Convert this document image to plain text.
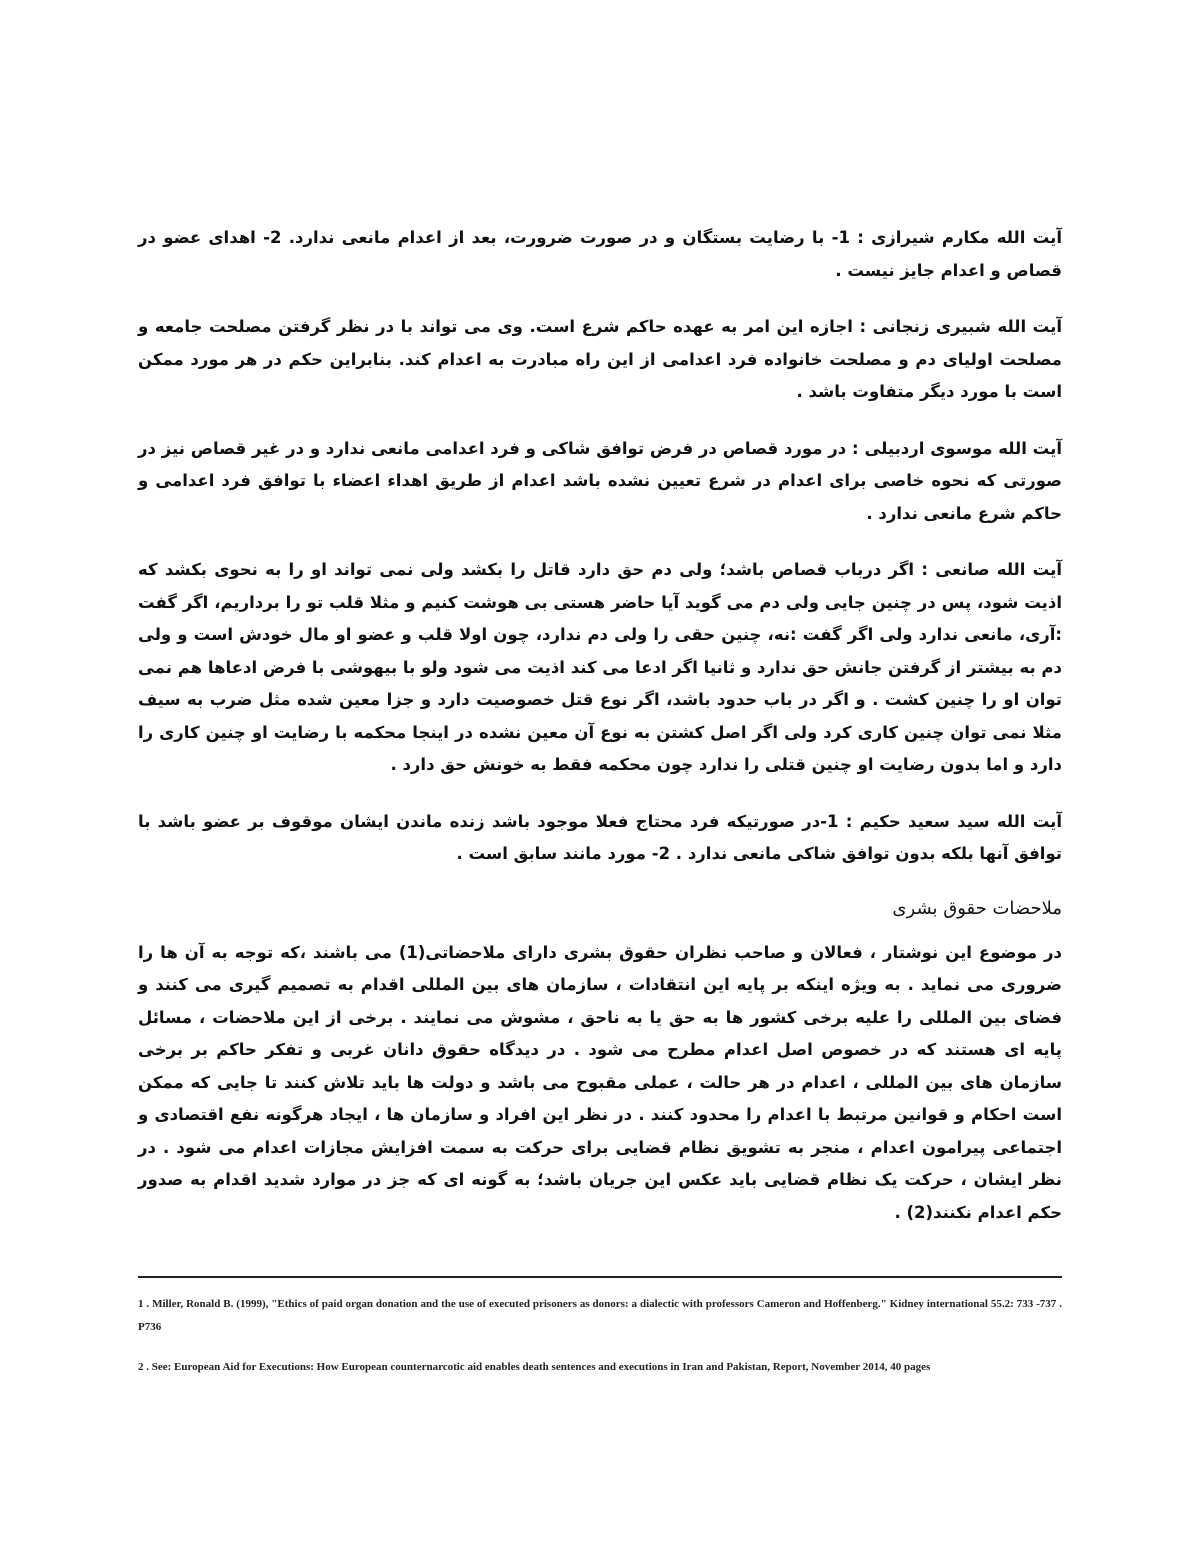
آیت الله مکارم شیرازی : 1- با رضایت بستگان و در صورت ضرورت، بعد از اعدام مانعی ندارد. 2- اهدای عضو در قصاص و اعدام جایز نیست .

آیت الله شبیری زنجانی : اجازه این امر به عهده حاکم شرع است. وی می تواند با در نظر گرفتن مصلحت جامعه و مصلحت اولیای دم و مصلحت خانواده فرد اعدامی از این راه مبادرت به اعدام کند. بنابراین حکم در هر مورد ممکن است با مورد دیگر متفاوت باشد .

آیت الله موسوی اردبیلی : در مورد قصاص در فرض توافق شاکی و فرد اعدامی مانعی ندارد و در غیر قصاص نیز در صورتی که نحوه خاصی برای اعدام در شرع تعیین نشده باشد اعدام از طریق اهداء اعضاء با توافق فرد اعدامی و حاکم شرع مانعی ندارد .

آیت الله صانعی : اگر درباب قصاص باشد؛ ولی دم حق دارد قاتل را بکشد ولی نمی تواند او را به نحوی بکشد که اذیت شود، پس در چنین جایی ولی دم می گوید آیا حاضر هستی بی هوشت کنیم و مثلا قلب تو را برداریم، اگر گفت :آری، مانعی ندارد ولی اگر گفت :نه، چنین حقی را ولی دم ندارد، چون اولا قلب و عضو او مال خودش است و ولی دم به بیشتر از گرفتن جانش حق ندارد و ثانیا اگر ادعا می کند اذیت می شود ولو با بیهوشی با فرض ادعاها هم نمی توان او را چنین کشت . و اگر در باب حدود باشد، اگر نوع قتل خصوصیت دارد و جزا معین شده مثل ضرب به سیف مثلا نمی توان چنین کاری کرد ولی اگر اصل کشتن به نوع آن معین نشده در اینجا محکمه با رضایت او چنین کاری را دارد و اما بدون رضایت او چنین قتلی را ندارد چون محکمه فقط به خونش حق دارد .

آیت الله سید سعید حکیم : 1-در صورتیکه فرد محتاج فعلا موجود باشد زنده ماندن ایشان موقوف بر عضو باشد با توافق آنها بلکه بدون توافق شاکی مانعی ندارد . 2- مورد مانند سابق است .

ملاحضات حقوق بشری

در موضوع این نوشتار ، فعالان و صاحب نظران حقوق بشری دارای ملاحضاتی(1) می باشند ،که توجه به آن ها را ضروری می نماید . به ویژه اینکه بر پایه این انتقادات ، سازمان های بین المللی اقدام به تصمیم گیری می کنند و فضای بین المللی را علیه برخی کشور ها به حق یا به ناحق ، مشوش می نمایند . برخی از این ملاحضات ، مسائل پایه ای هستند که در خصوص اصل اعدام مطرح می شود . در دیدگاه حقوق دانان غربی و تفکر حاکم بر برخی سازمان های بین المللی ، اعدام در هر حالت ، عملی مقبوح می باشد و دولت ها باید تلاش کنند تا جایی که ممکن است احکام و قوانین مرتبط با اعدام را محدود کنند . در نظر این افراد و سازمان ها ، ایجاد هرگونه نفع اقتصادی و اجتماعی پیرامون اعدام ، منجر به تشویق نظام قضایی برای حرکت به سمت افزایش مجازات اعدام می شود . در نظر ایشان ، حرکت یک نظام قضایی باید عکس این جریان باشد؛ به گونه ای که جز در موارد شدید اقدام به صدور حکم اعدام نکنند(2) .

1 . Miller, Ronald B. (1999), "Ethics of paid organ donation and the use of executed prisoners as donors: a dialectic with professors Cameron and Hoffenberg." Kidney international 55.2: 733 -737 . P736

2 . See: European Aid for Executions: How European counternarcotic aid enables death sentences and executions in Iran and Pakistan, Report, November 2014, 40 pages
